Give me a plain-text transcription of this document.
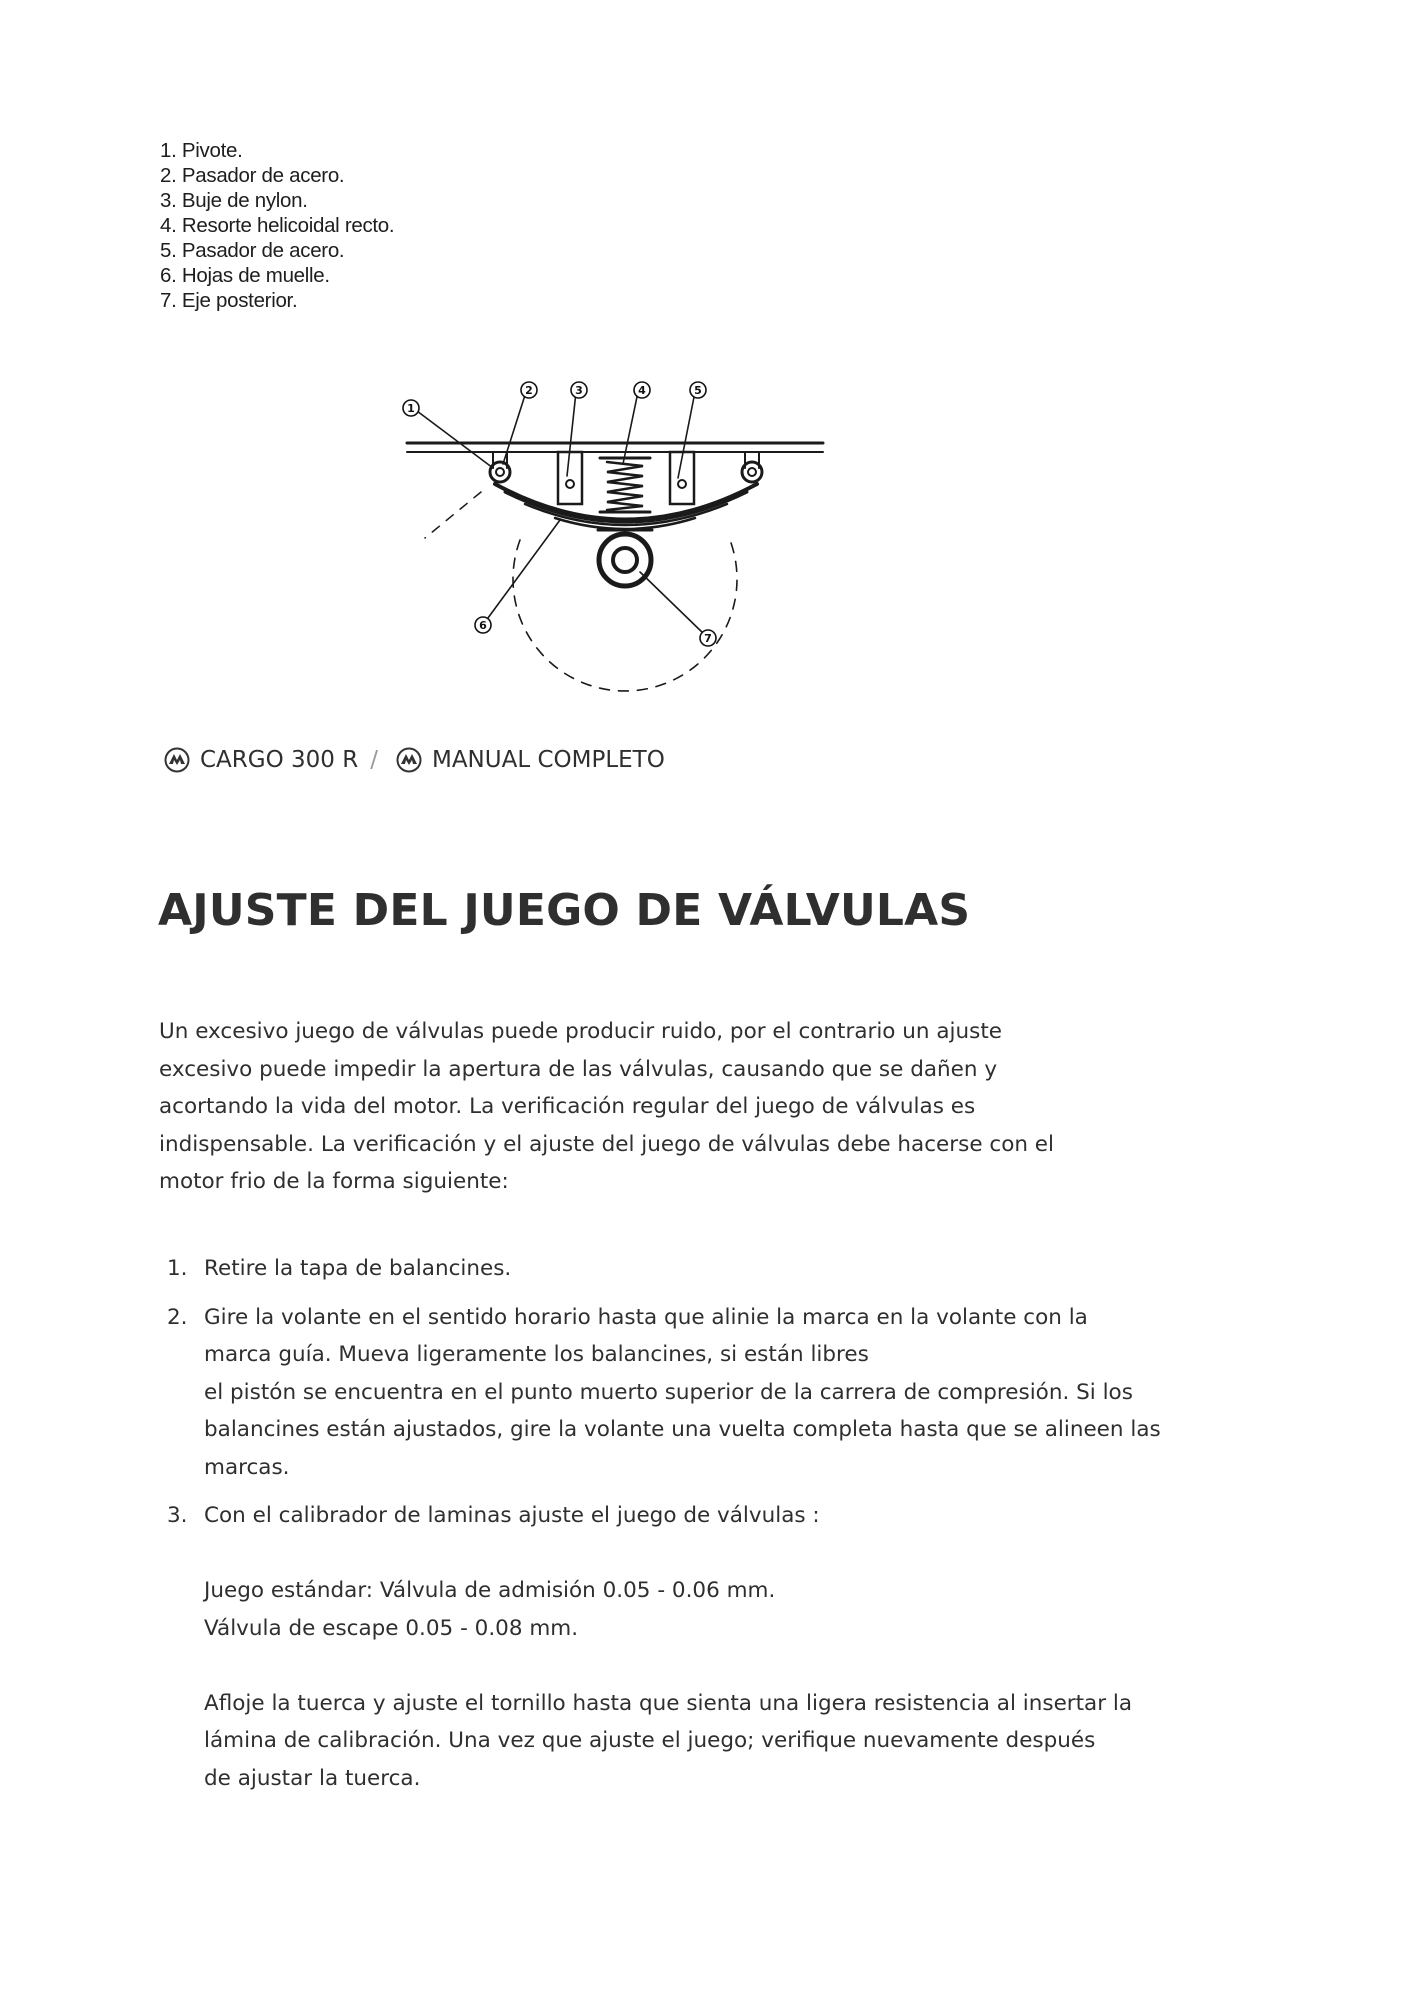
1. Pivote.
2. Pasador de acero.
3. Buje de nylon.
4. Resorte helicoidal recto.
5. Pasador de acero.
6. Hojas de muelle.
7. Eje posterior.
1
2	3	4	5
6
7
CARGO 300 R / MANUAL COMPLETO
AJUSTE DEL JUEGO DE VÁLVULAS

Un excesivo juego de válvulas puede producir ruido, por el contrario un ajuste
excesivo puede impedir la apertura de las válvulas, causando que se dañen y
acortando la vida del motor. La verificación regular del juego de válvulas es
indispensable. La verificación y el ajuste del juego de válvulas debe hacerse con el
motor frio de la forma siguiente:

1. Retire la tapa de balancines.
2. Gire la volante en el sentido horario hasta que alinie la marca en la volante con la
marca guía. Mueva ligeramente los balancines, si están libres
el pistón se encuentra en el punto muerto superior de la carrera de compresión. Si los
balancines están ajustados, gire la volante una vuelta completa hasta que se alineen las
marcas.
3. Con el calibrador de laminas ajuste el juego de válvulas :
Juego estándar: Válvula de admisión 0.05 - 0.06 mm.
Válvula de escape 0.05 - 0.08 mm.
Afloje la tuerca y ajuste el tornillo hasta que sienta una ligera resistencia al insertar la
lámina de calibración. Una vez que ajuste el juego; verifique nuevamente después
de ajustar la tuerca.
